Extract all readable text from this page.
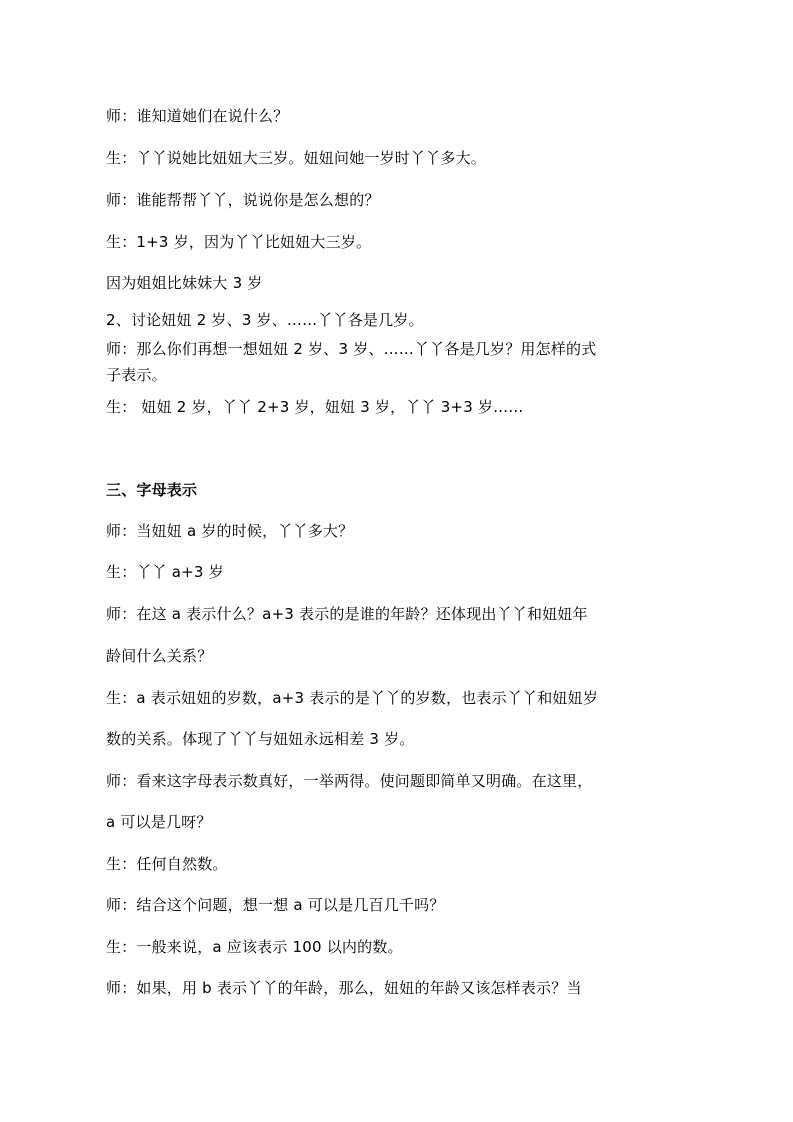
师：谁知道她们在说什么？
生：丫丫说她比妞妞大三岁。妞妞问她一岁时丫丫多大。
师：谁能帮帮丫丫，说说你是怎么想的？
生：1+3 岁，因为丫丫比妞妞大三岁。
因为姐姐比妹妹大 3 岁
2、讨论妞妞 2 岁、3 岁、……丫丫各是几岁。
师：那么你们再想一想妞妞 2 岁、3 岁、……丫丫各是几岁？用怎样的式
子表示。
生： 妞妞 2 岁，丫丫 2+3 岁，妞妞 3 岁，丫丫 3+3 岁……
三、字母表示
师：当妞妞 a 岁的时候，丫丫多大？
生：丫丫 a+3 岁
师：在这 a 表示什么？a+3 表示的是谁的年龄？还体现出丫丫和妞妞年
龄间什么关系？
生：a 表示妞妞的岁数，a+3 表示的是丫丫的岁数，也表示丫丫和妞妞岁
数的关系。体现了丫丫与妞妞永远相差 3 岁。
师：看来这字母表示数真好，一举两得。使问题即简单又明确。在这里，
a 可以是几呀？
生：任何自然数。
师：结合这个问题，想一想 a 可以是几百几千吗？
生：一般来说，a 应该表示 100 以内的数。
师：如果，用 b 表示丫丫的年龄，那么，妞妞的年龄又该怎样表示？当
